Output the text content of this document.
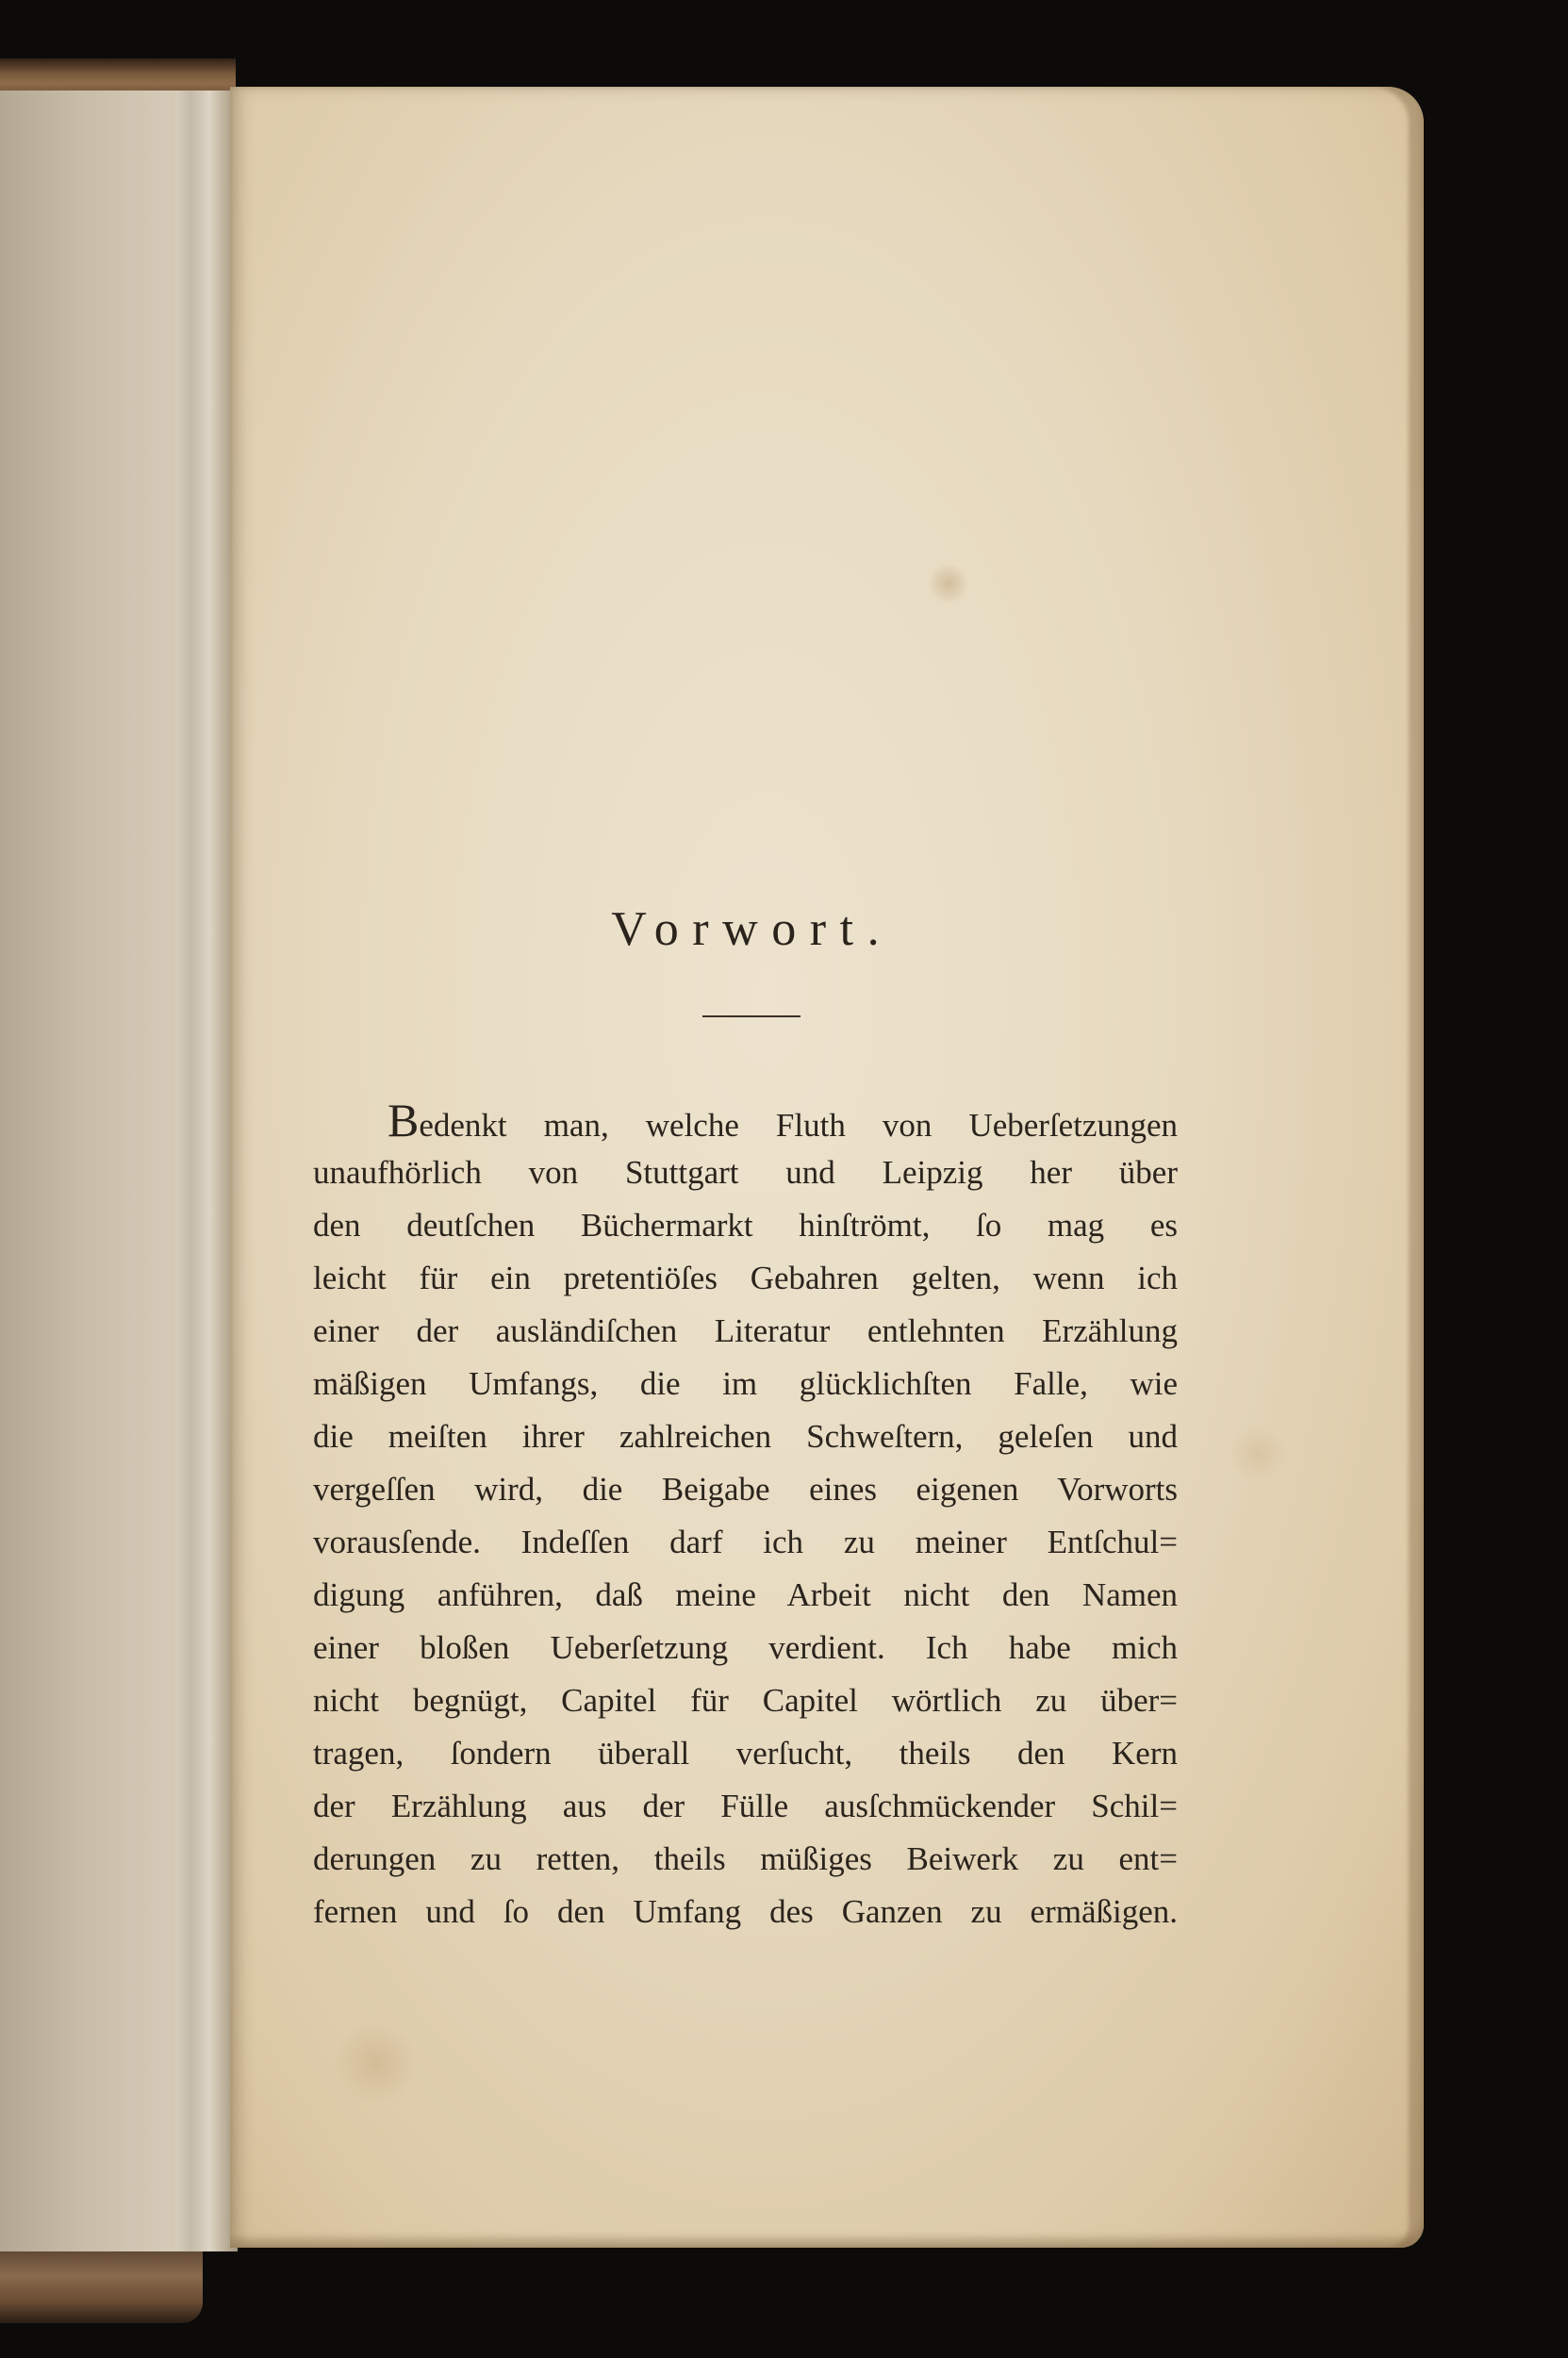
Vorwort.
Bedenkt man, welche Fluth von Ueberſetzungen
unaufhörlich von Stuttgart und Leipzig her über
den deutſchen Büchermarkt hinſtrömt, ſo mag es
leicht für ein pretentiöſes Gebahren gelten, wenn ich
einer der ausländiſchen Literatur entlehnten Erzählung
mäßigen Umfangs, die im glücklichſten Falle, wie
die meiſten ihrer zahlreichen Schweſtern, geleſen und
vergeſſen wird, die Beigabe eines eigenen Vorworts
vorausſende. Indeſſen darf ich zu meiner Entſchul=
digung anführen, daß meine Arbeit nicht den Namen
einer bloßen Ueberſetzung verdient. Ich habe mich
nicht begnügt, Capitel für Capitel wörtlich zu über=
tragen, ſondern überall verſucht, theils den Kern
der Erzählung aus der Fülle ausſchmückender Schil=
derungen zu retten, theils müßiges Beiwerk zu ent=
fernen und ſo den Umfang des Ganzen zu ermäßigen.
